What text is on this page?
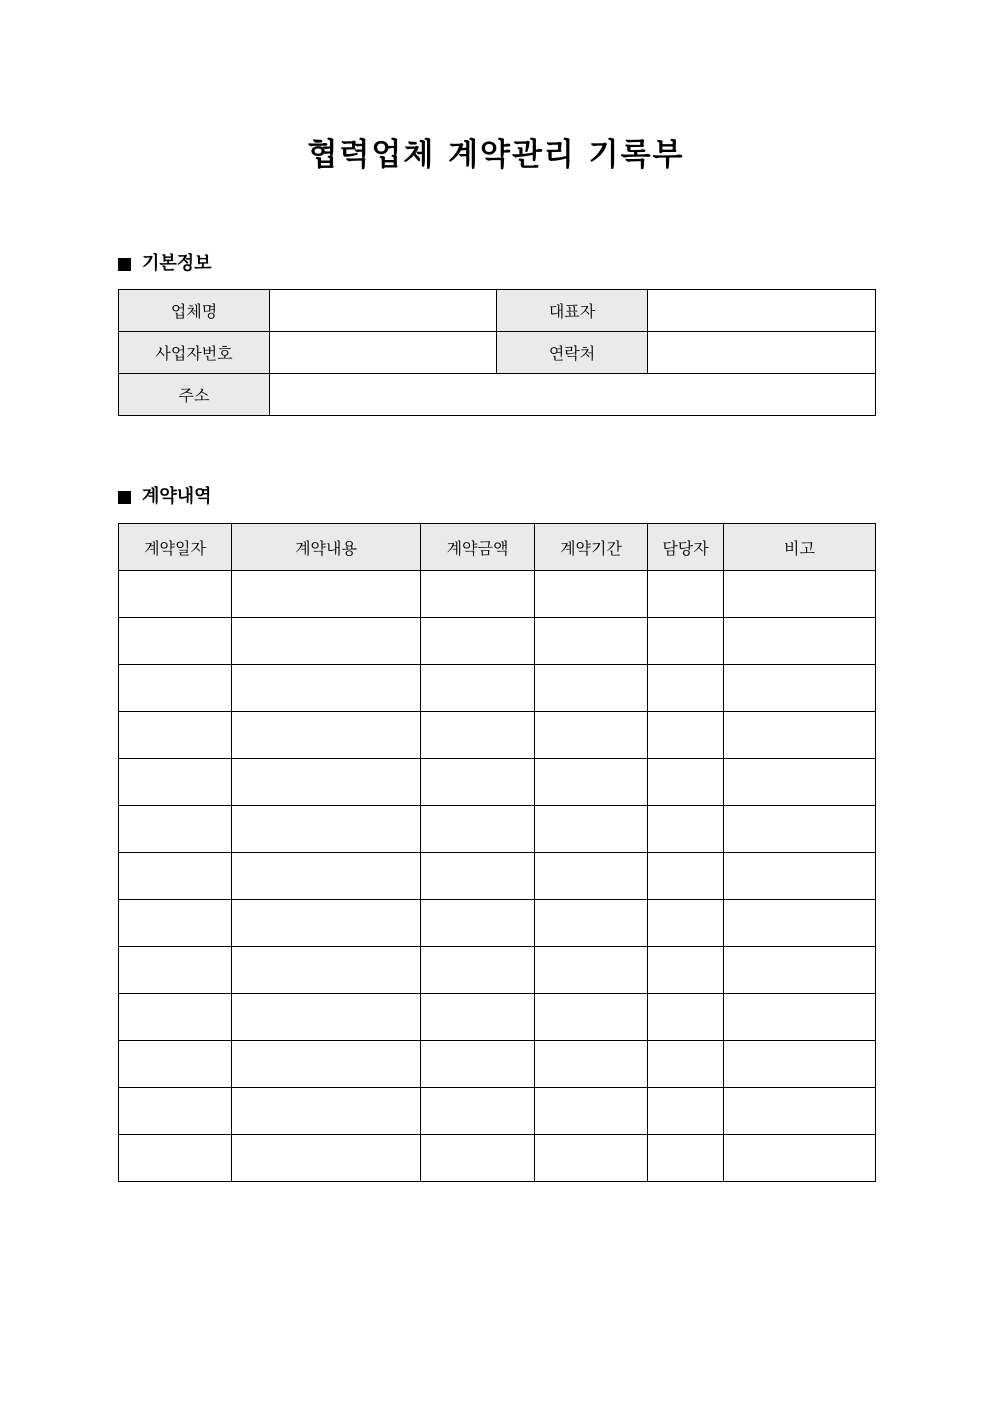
협력업체 계약관리 기록부
기본정보
업체명		대표자	
사업자번호		연락처	
주소			
계약내역
계약일자	계약내용	계약금액	계약기간	담당자	비고
